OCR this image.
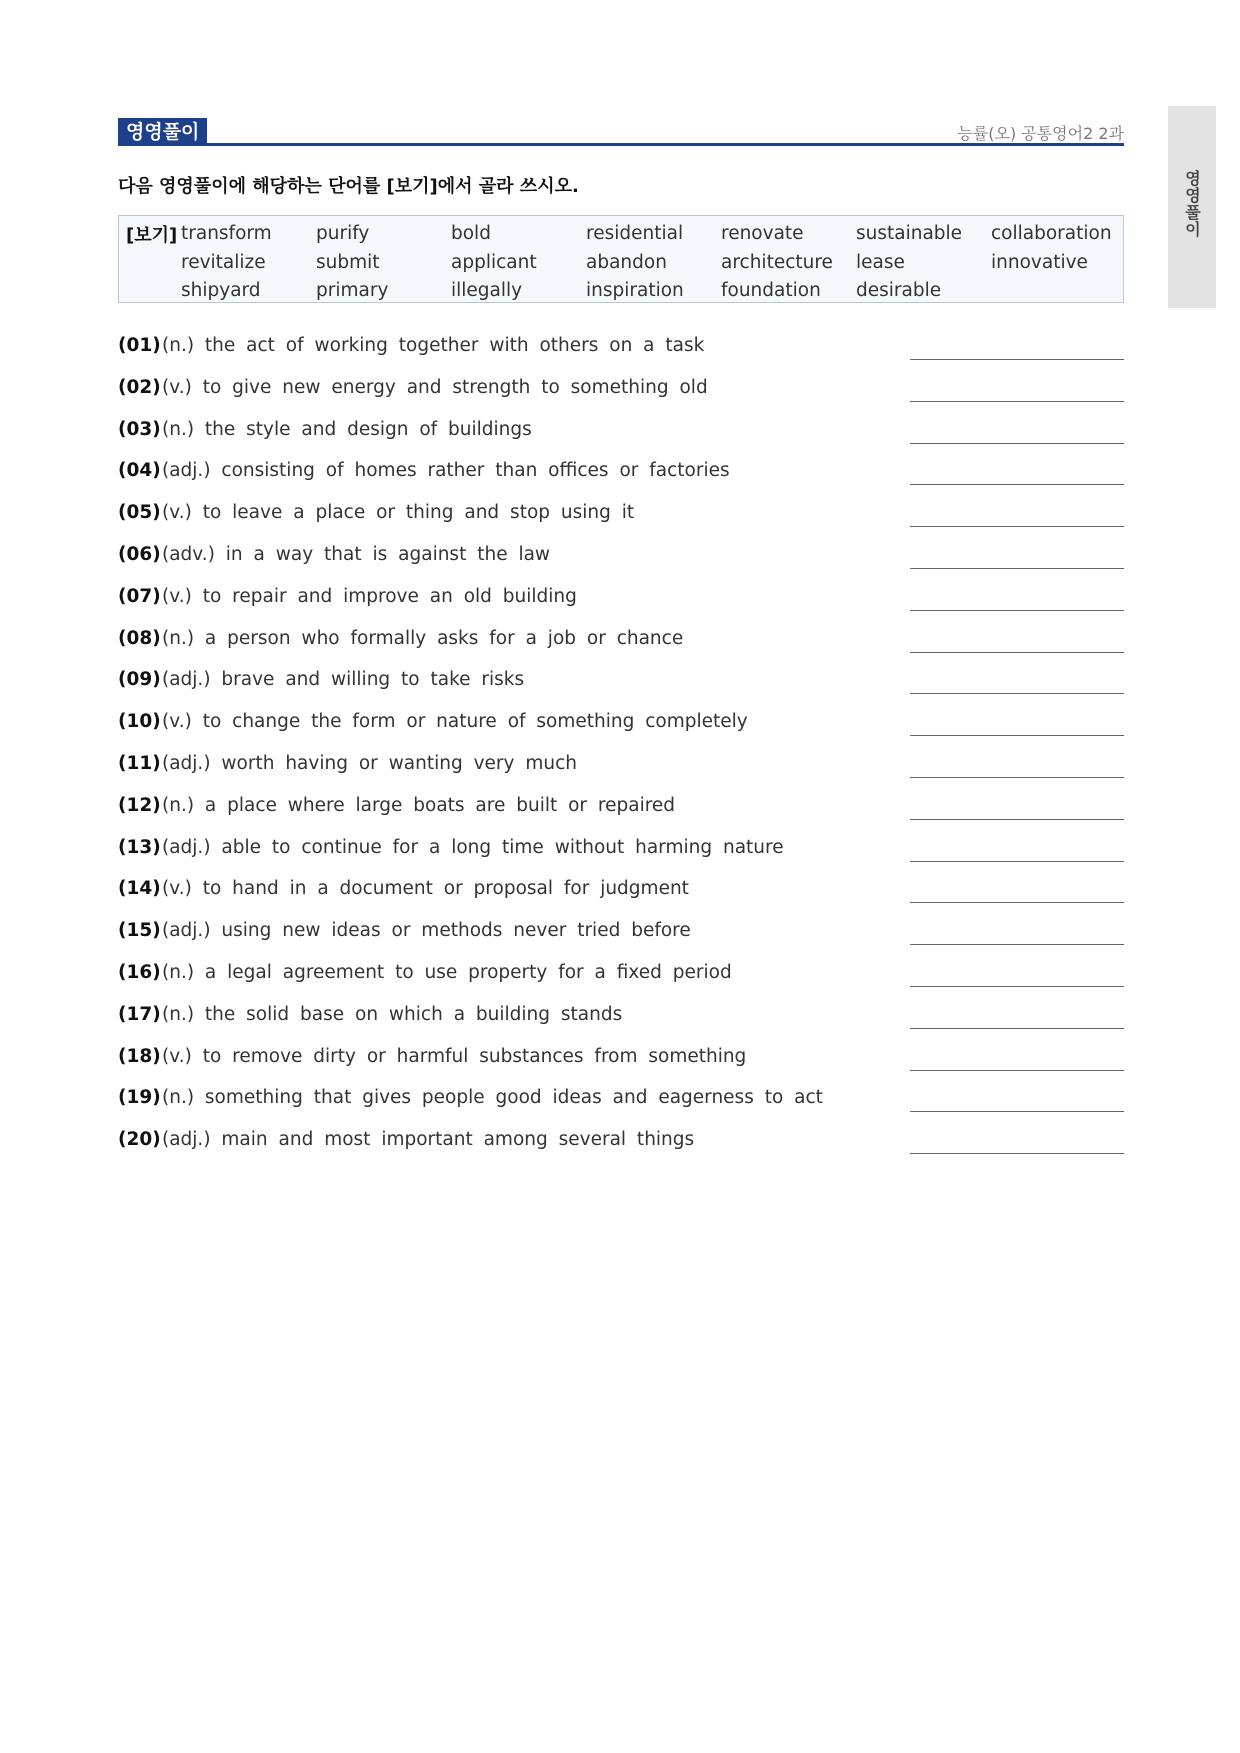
영영풀이
영영풀이	능률(오) 공통영어2 2과
다음 영영풀이에 해당하는 단어를 [보기]에서 골라 쓰시오.
[보기] transform	purify	bold	residential	renovate	sustainable	collaboration
revitalize	submit	applicant	abandon	architecture	lease	innovative
shipyard	primary	illegally	inspiration	foundation	desirable
(01) (n.) the act of working together with others on a task
(02) (v.) to give new energy and strength to something old
(03) (n.) the style and design of buildings
(04) (adj.) consisting of homes rather than offices or factories
(05) (v.) to leave a place or thing and stop using it
(06) (adv.) in a way that is against the law
(07) (v.) to repair and improve an old building
(08) (n.) a person who formally asks for a job or chance
(09) (adj.) brave and willing to take risks
(10) (v.) to change the form or nature of something completely
(11) (adj.) worth having or wanting very much
(12) (n.) a place where large boats are built or repaired
(13) (adj.) able to continue for a long time without harming nature
(14) (v.) to hand in a document or proposal for judgment
(15) (adj.) using new ideas or methods never tried before
(16) (n.) a legal agreement to use property for a fixed period
(17) (n.) the solid base on which a building stands
(18) (v.) to remove dirty or harmful substances from something
(19) (n.) something that gives people good ideas and eagerness to act
(20) (adj.) main and most important among several things
